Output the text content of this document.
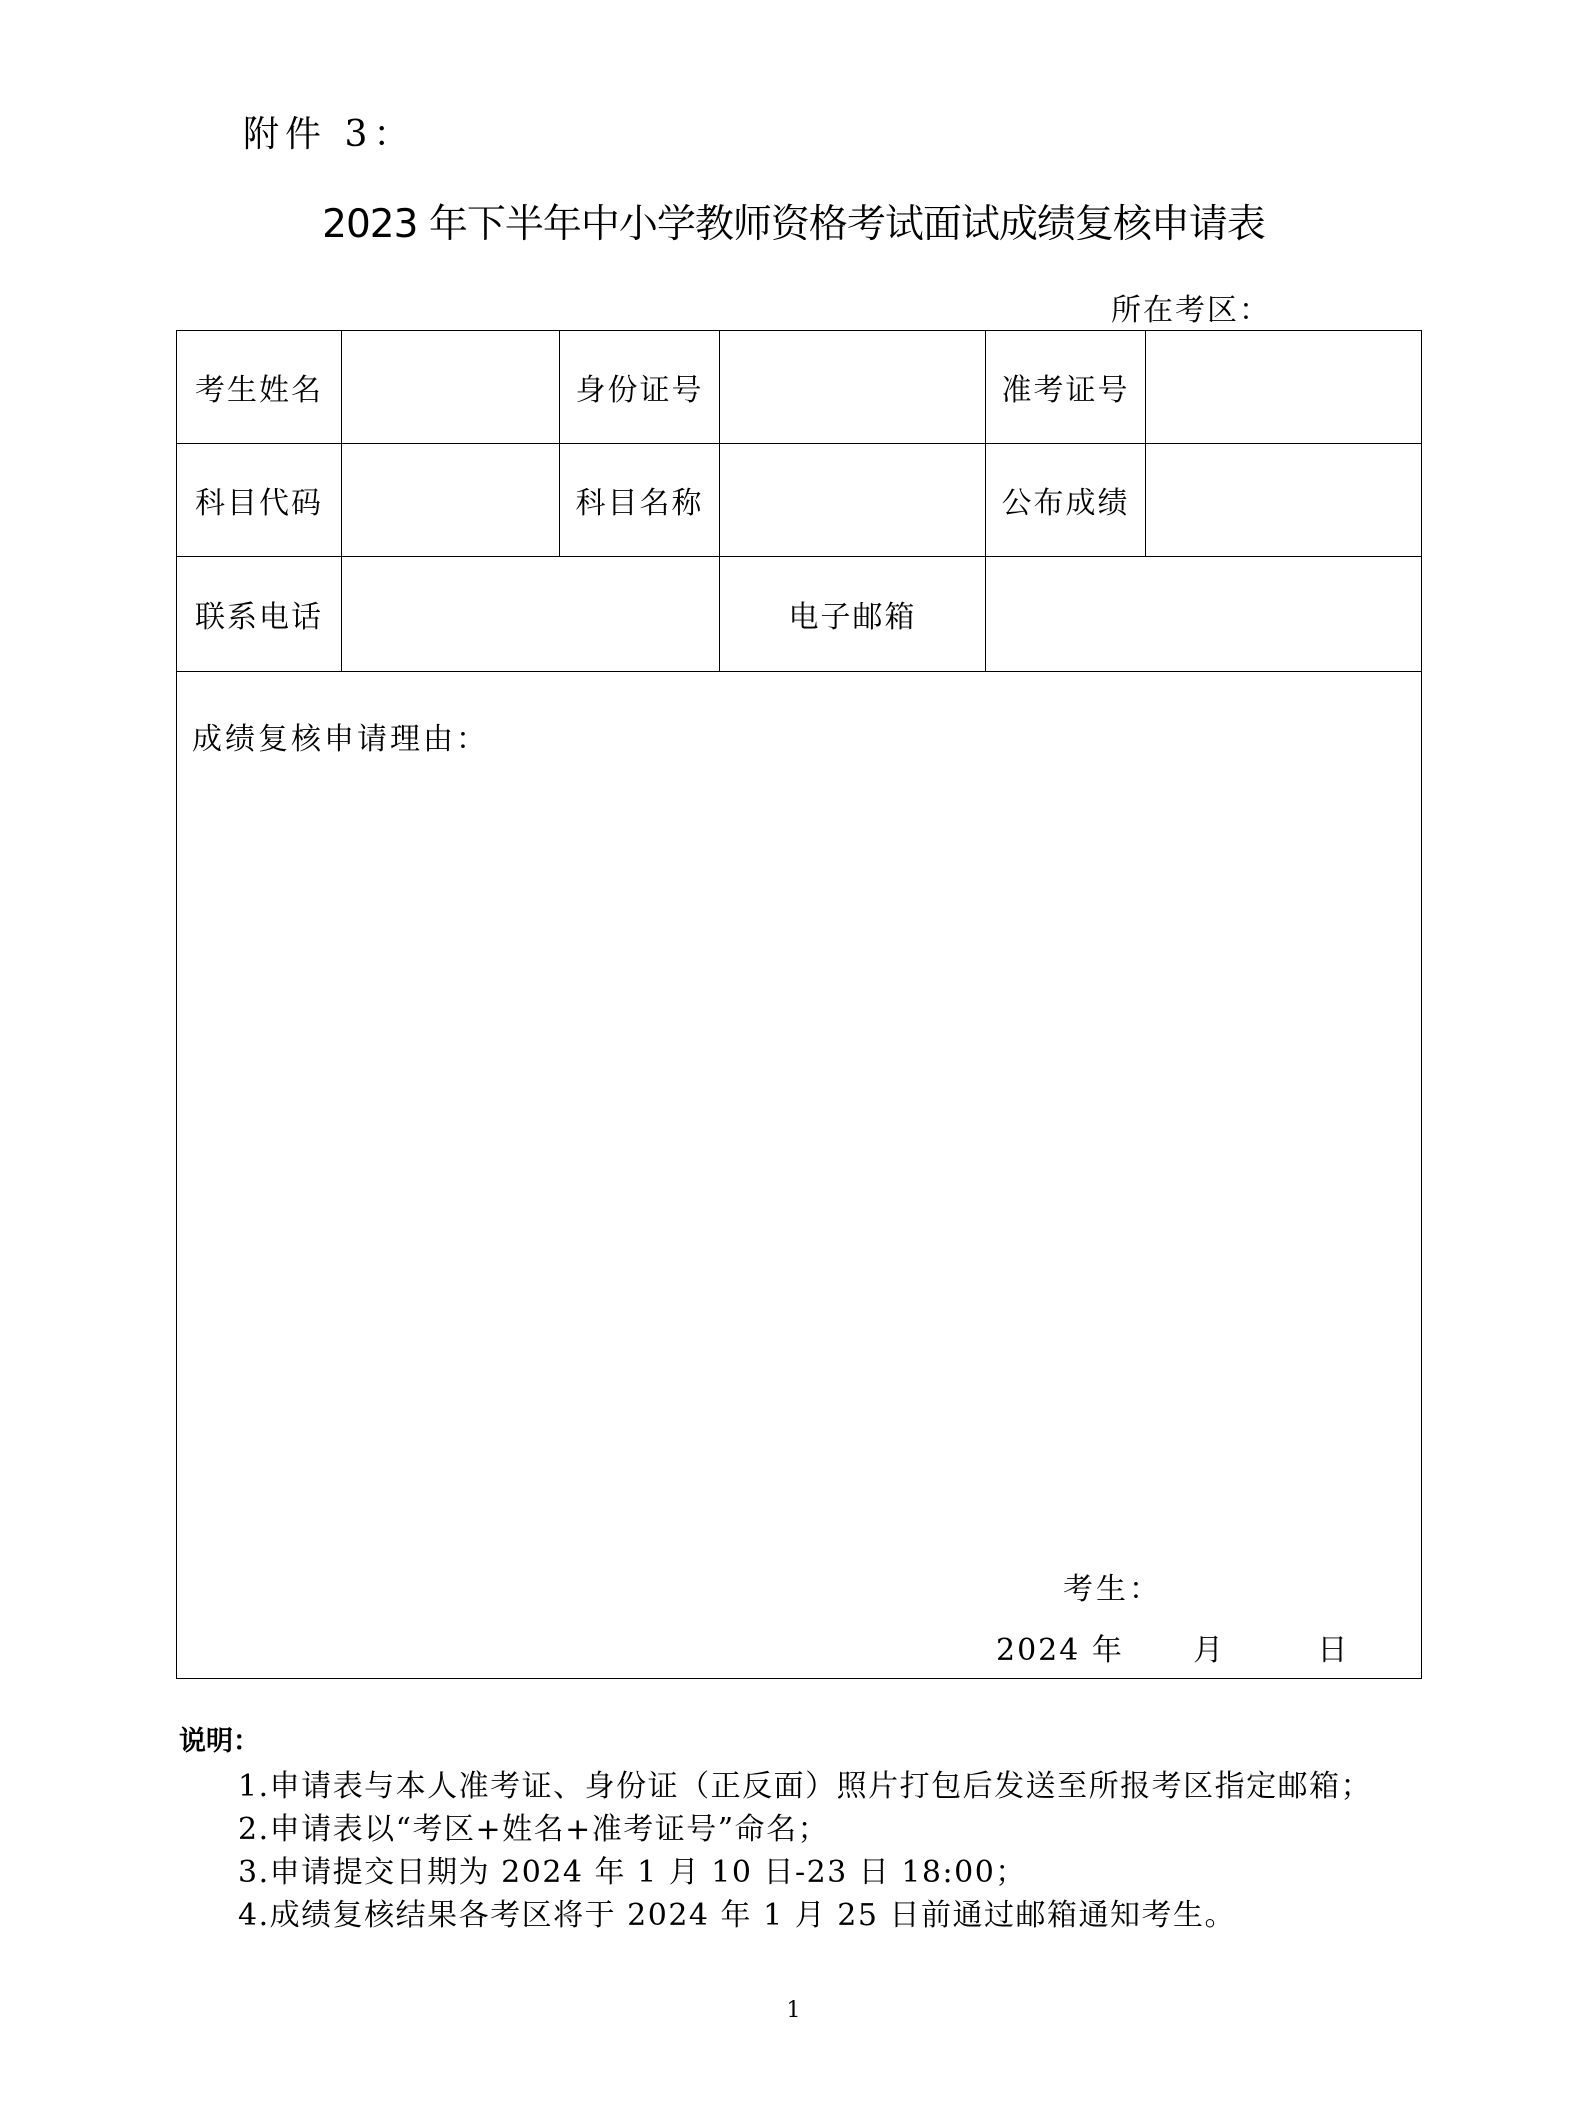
附件 3：
2023 年下半年中小学教师资格考试面试成绩复核申请表
所在考区：
考生姓名		身份证号		准考证号	
科目代码		科目名称		公布成绩	
联系电话			电子邮箱		

成绩复核申请理由：
考生：
2024 年      月        日					
说明：
1.申请表与本人准考证、身份证（正反面）照片打包后发送至所报考区指定邮箱；
2.申请表以“考区+姓名+准考证号”命名；
3.申请提交日期为 2024 年 1 月 10 日-23 日 18:00；
4.成绩复核结果各考区将于 2024 年 1 月 25 日前通过邮箱通知考生。
1
